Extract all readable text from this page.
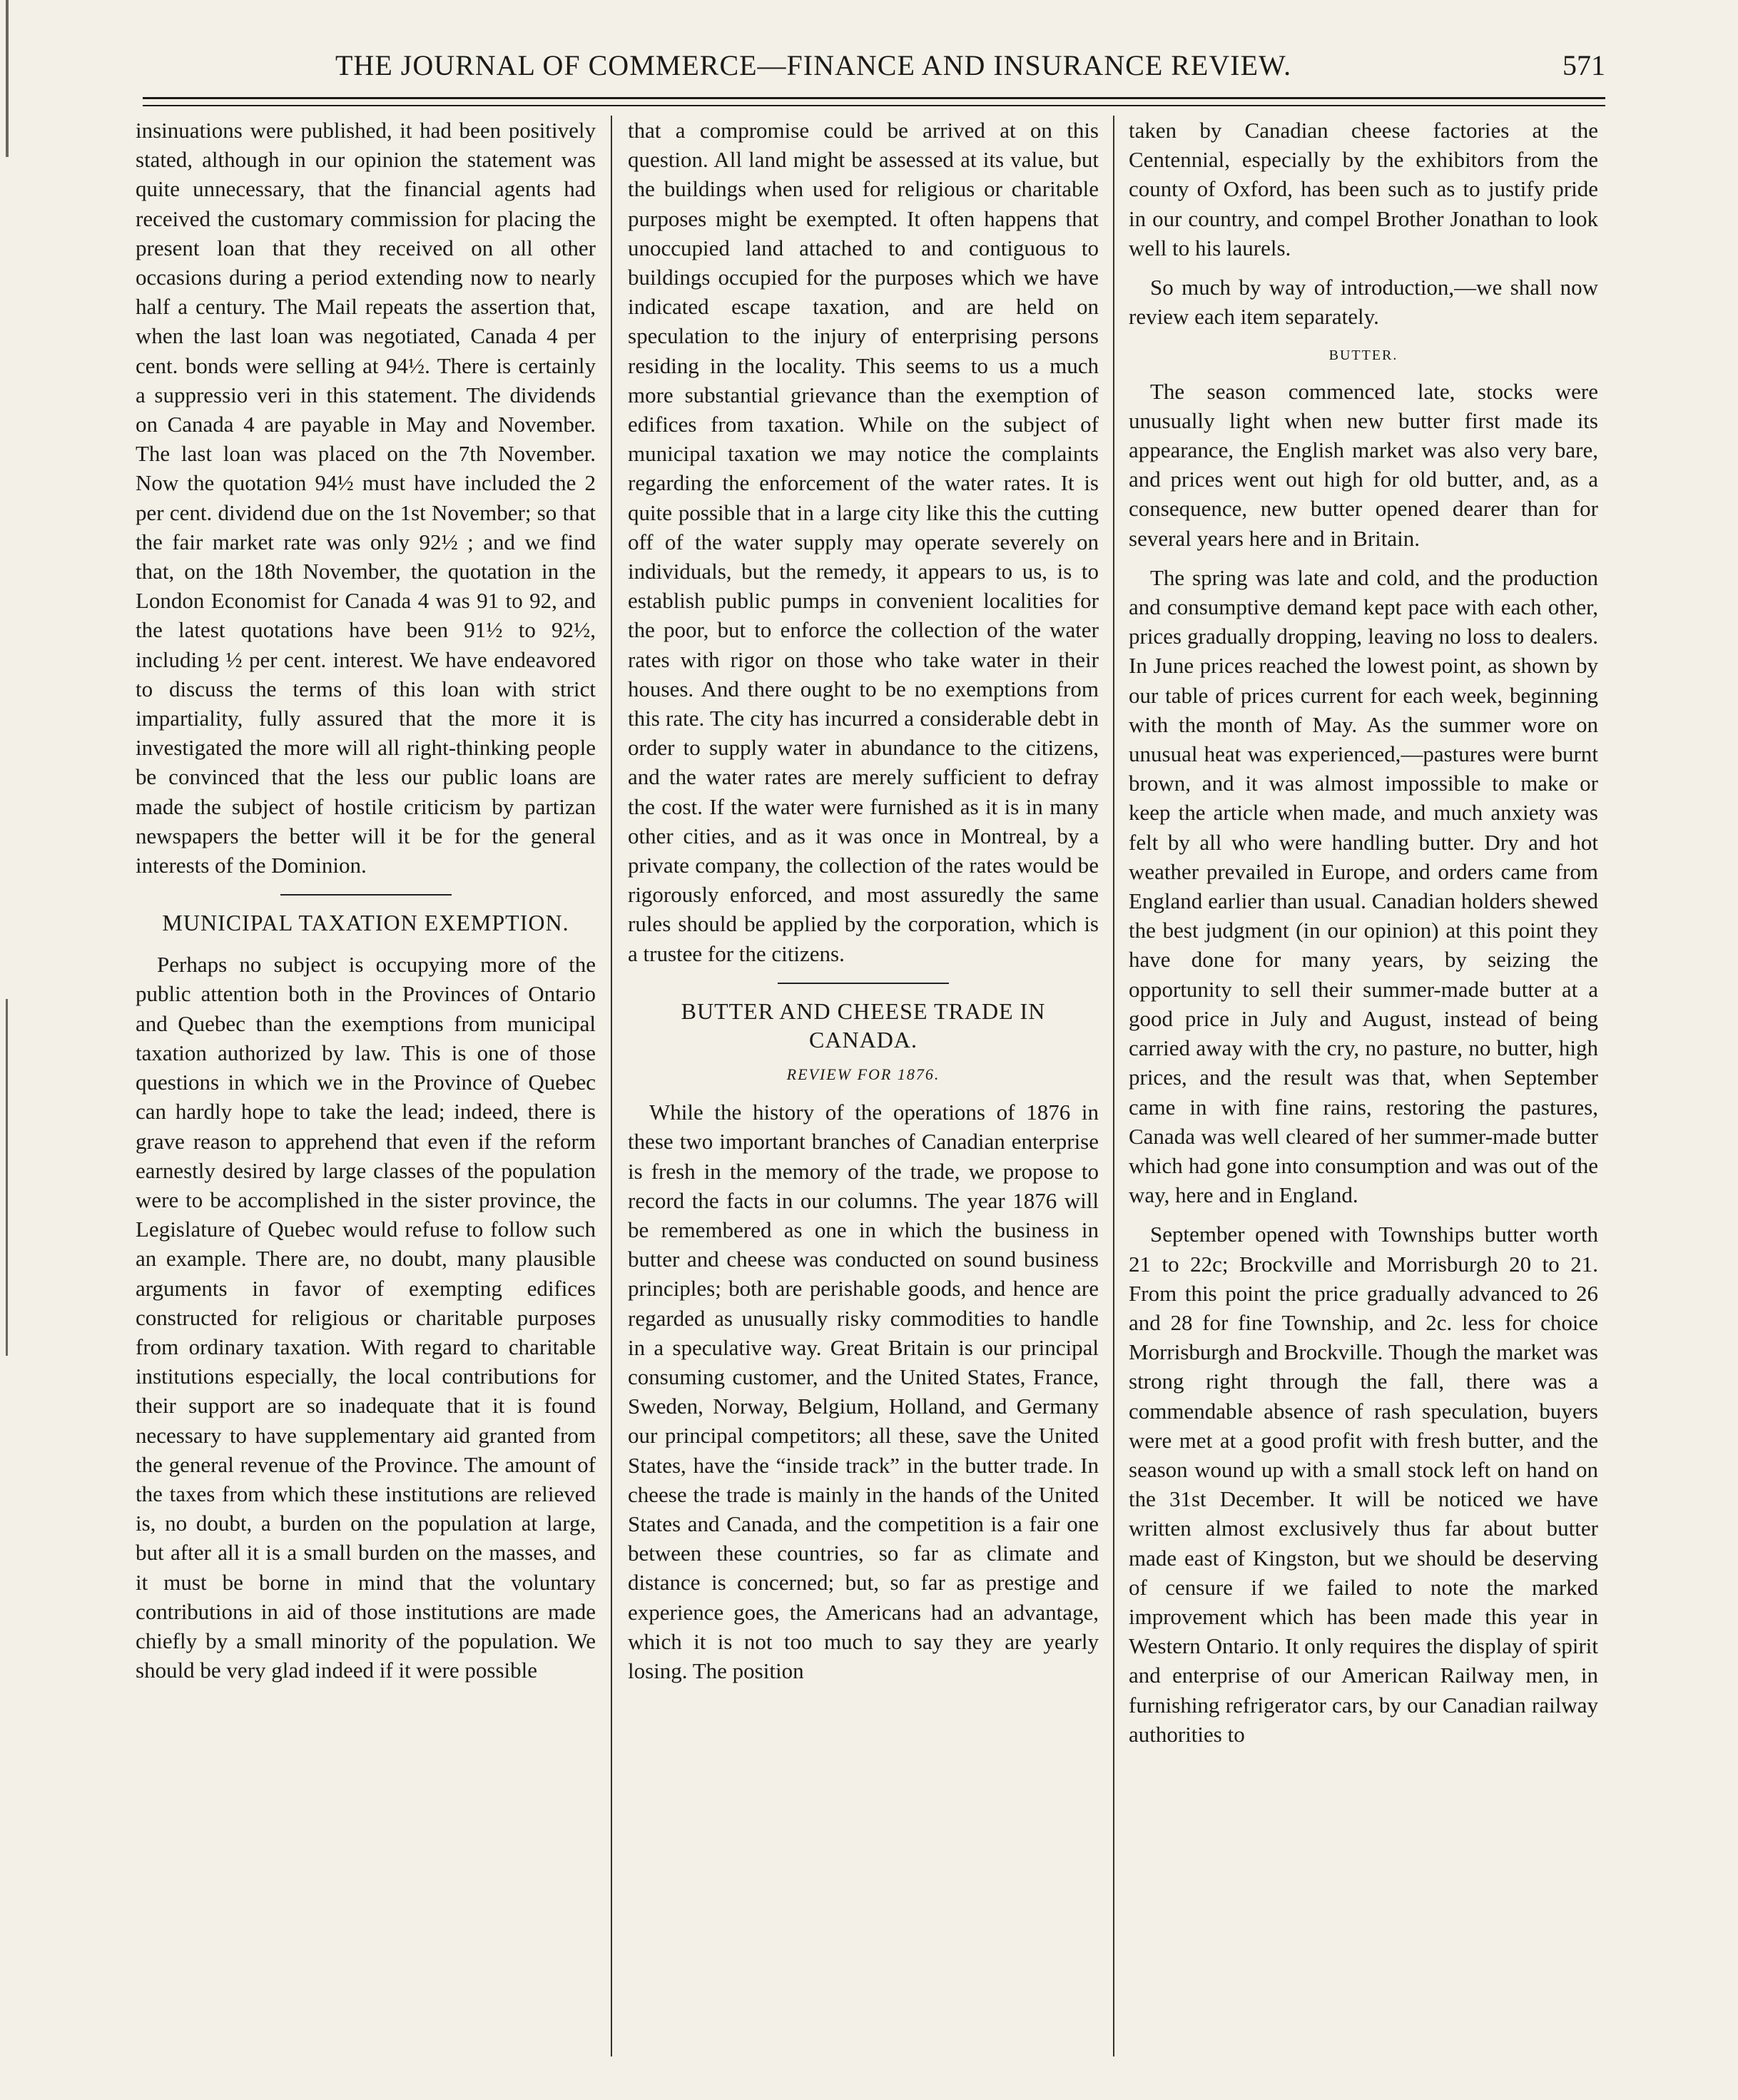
THE JOURNAL OF COMMERCE—FINANCE AND INSURANCE REVIEW.	571

insinuations were published, it had been positively stated, although in our opinion the statement was quite unnecessary, that the financial agents had received the customary commission for placing the present loan that they received on all other occasions during a period extending now to nearly half a century. The Mail repeats the assertion that, when the last loan was negotiated, Canada 4 per cent. bonds were selling at 94½. There is certainly a suppressio veri in this statement. The dividends on Canada 4 are payable in May and November. The last loan was placed on the 7th November. Now the quotation 94½ must have included the 2 per cent. dividend due on the 1st November; so that the fair market rate was only 92½ ; and we find that, on the 18th November, the quotation in the London Economist for Canada 4 was 91 to 92, and the latest quotations have been 91½ to 92½, including ½ per cent. interest. We have endeavored to discuss the terms of this loan with strict impartiality, fully assured that the more it is investigated the more will all right-thinking people be convinced that the less our public loans are made the subject of hostile criticism by partizan newspapers the better will it be for the general interests of the Dominion.

MUNICIPAL TAXATION EXEMPTION.

Perhaps no subject is occupying more of the public attention both in the Provinces of Ontario and Quebec than the exemptions from municipal taxation authorized by law. This is one of those questions in which we in the Province of Quebec can hardly hope to take the lead; indeed, there is grave reason to apprehend that even if the reform earnestly desired by large classes of the population were to be accomplished in the sister province, the Legislature of Quebec would refuse to follow such an example. There are, no doubt, many plausible arguments in favor of exempting edifices constructed for religious or charitable purposes from ordinary taxation. With regard to charitable institutions especially, the local contributions for their support are so inadequate that it is found necessary to have supplementary aid granted from the general revenue of the Province. The amount of the taxes from which these institutions are relieved is, no doubt, a burden on the population at large, but after all it is a small burden on the masses, and it must be borne in mind that the voluntary contributions in aid of those institutions are made chiefly by a small minority of the population. We should be very glad indeed if it were possible

that a compromise could be arrived at on this question. All land might be assessed at its value, but the buildings when used for religious or charitable purposes might be exempted. It often happens that unoccupied land attached to and contiguous to buildings occupied for the purposes which we have indicated escape taxation, and are held on speculation to the injury of enterprising persons residing in the locality. This seems to us a much more substantial grievance than the exemption of edifices from taxation. While on the subject of municipal taxation we may notice the complaints regarding the enforcement of the water rates. It is quite possible that in a large city like this the cutting off of the water supply may operate severely on individuals, but the remedy, it appears to us, is to establish public pumps in convenient localities for the poor, but to enforce the collection of the water rates with rigor on those who take water in their houses. And there ought to be no exemptions from this rate. The city has incurred a considerable debt in order to supply water in abundance to the citizens, and the water rates are merely sufficient to defray the cost. If the water were furnished as it is in many other cities, and as it was once in Montreal, by a private company, the collection of the rates would be rigorously enforced, and most assuredly the same rules should be applied by the corporation, which is a trustee for the citizens.

BUTTER AND CHEESE TRADE IN CANADA.
REVIEW FOR 1876.

While the history of the operations of 1876 in these two important branches of Canadian enterprise is fresh in the memory of the trade, we propose to record the facts in our columns. The year 1876 will be remembered as one in which the business in butter and cheese was conducted on sound business principles; both are perishable goods, and hence are regarded as unusually risky commodities to handle in a speculative way. Great Britain is our principal consuming customer, and the United States, France, Sweden, Norway, Belgium, Holland, and Germany our principal competitors; all these, save the United States, have the “inside track” in the butter trade. In cheese the trade is mainly in the hands of the United States and Canada, and the competition is a fair one between these countries, so far as climate and distance is concerned; but, so far as prestige and experience goes, the Americans had an advantage, which it is not too much to say they are yearly losing. The position

taken by Canadian cheese factories at the Centennial, especially by the exhibitors from the county of Oxford, has been such as to justify pride in our country, and compel Brother Jonathan to look well to his laurels.

So much by way of introduction,—we shall now review each item separately.

BUTTER.

The season commenced late, stocks were unusually light when new butter first made its appearance, the English market was also very bare, and prices went out high for old butter, and, as a consequence, new butter opened dearer than for several years here and in Britain.

The spring was late and cold, and the production and consumptive demand kept pace with each other, prices gradually dropping, leaving no loss to dealers. In June prices reached the lowest point, as shown by our table of prices current for each week, beginning with the month of May. As the summer wore on unusual heat was experienced,—pastures were burnt brown, and it was almost impossible to make or keep the article when made, and much anxiety was felt by all who were handling butter. Dry and hot weather prevailed in Europe, and orders came from England earlier than usual. Canadian holders shewed the best judgment (in our opinion) at this point they have done for many years, by seizing the opportunity to sell their summer-made butter at a good price in July and August, instead of being carried away with the cry, no pasture, no butter, high prices, and the result was that, when September came in with fine rains, restoring the pastures, Canada was well cleared of her summer-made butter which had gone into consumption and was out of the way, here and in England.

September opened with Townships butter worth 21 to 22c; Brockville and Morrisburgh 20 to 21. From this point the price gradually advanced to 26 and 28 for fine Township, and 2c. less for choice Morrisburgh and Brockville. Though the market was strong right through the fall, there was a commendable absence of rash speculation, buyers were met at a good profit with fresh butter, and the season wound up with a small stock left on hand on the 31st December. It will be noticed we have written almost exclusively thus far about butter made east of Kingston, but we should be deserving of censure if we failed to note the marked improvement which has been made this year in Western Ontario. It only requires the display of spirit and enterprise of our American Railway men, in furnishing refrigerator cars, by our Canadian railway authorities to
